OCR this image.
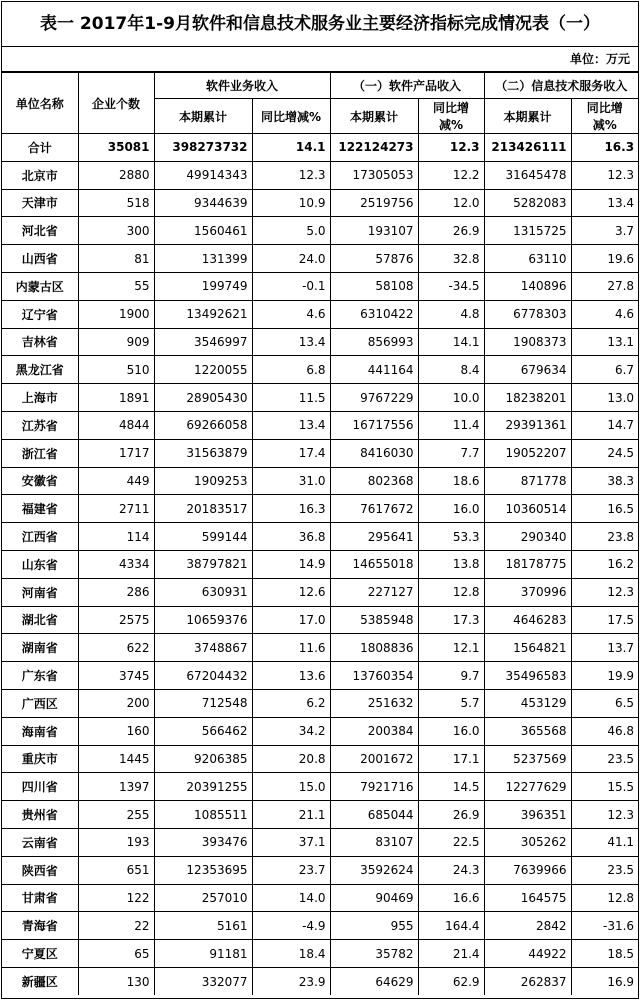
表一 2017年1-9月软件和信息技术服务业主要经济指标完成情况表（一）
单位：万元
单位名称	企业个数	软件业务收入		（一）软件产品收入		（二）信息技术服务收入	
		本期累计	同比增减%	本期累计	同比增减%	本期累计	同比增减%
合计	35081	398273732	14.1	122124273	12.3	213426111	16.3
北京市	2880	49914343	12.3	17305053	12.2	31645478	12.3
天津市	518	9344639	10.9	2519756	12.0	5282083	13.4
河北省	300	1560461	5.0	193107	26.9	1315725	3.7
山西省	81	131399	24.0	57876	32.8	63110	19.6
内蒙古区	55	199749	-0.1	58108	-34.5	140896	27.8
辽宁省	1900	13492621	4.6	6310422	4.8	6778303	4.6
吉林省	909	3546997	13.4	856993	14.1	1908373	13.1
黑龙江省	510	1220055	6.8	441164	8.4	679634	6.7
上海市	1891	28905430	11.5	9767229	10.0	18238201	13.0
江苏省	4844	69266058	13.4	16717556	11.4	29391361	14.7
浙江省	1717	31563879	17.4	8416030	7.7	19052207	24.5
安徽省	449	1909253	31.0	802368	18.6	871778	38.3
福建省	2711	20183517	16.3	7617672	16.0	10360514	16.5
江西省	114	599144	36.8	295641	53.3	290340	23.8
山东省	4334	38797821	14.9	14655018	13.8	18178775	16.2
河南省	286	630931	12.6	227127	12.8	370996	12.3
湖北省	2575	10659376	17.0	5385948	17.3	4646283	17.5
湖南省	622	3748867	11.6	1808836	12.1	1564821	13.7
广东省	3745	67204432	13.6	13760354	9.7	35496583	19.9
广西区	200	712548	6.2	251632	5.7	453129	6.5
海南省	160	566462	34.2	200384	16.0	365568	46.8
重庆市	1445	9206385	20.8	2001672	17.1	5237569	23.5
四川省	1397	20391255	15.0	7921716	14.5	12277629	15.5
贵州省	255	1085511	21.1	685044	26.9	396351	12.3
云南省	193	393476	37.1	83107	22.5	305262	41.1
陕西省	651	12353695	23.7	3592624	24.3	7639966	23.5
甘肃省	122	257010	14.0	90469	16.6	164575	12.8
青海省	22	5161	-4.9	955	164.4	2842	-31.6
宁夏区	65	91181	18.4	35782	21.4	44922	18.5
新疆区	130	332077	23.9	64629	62.9	262837	16.9
